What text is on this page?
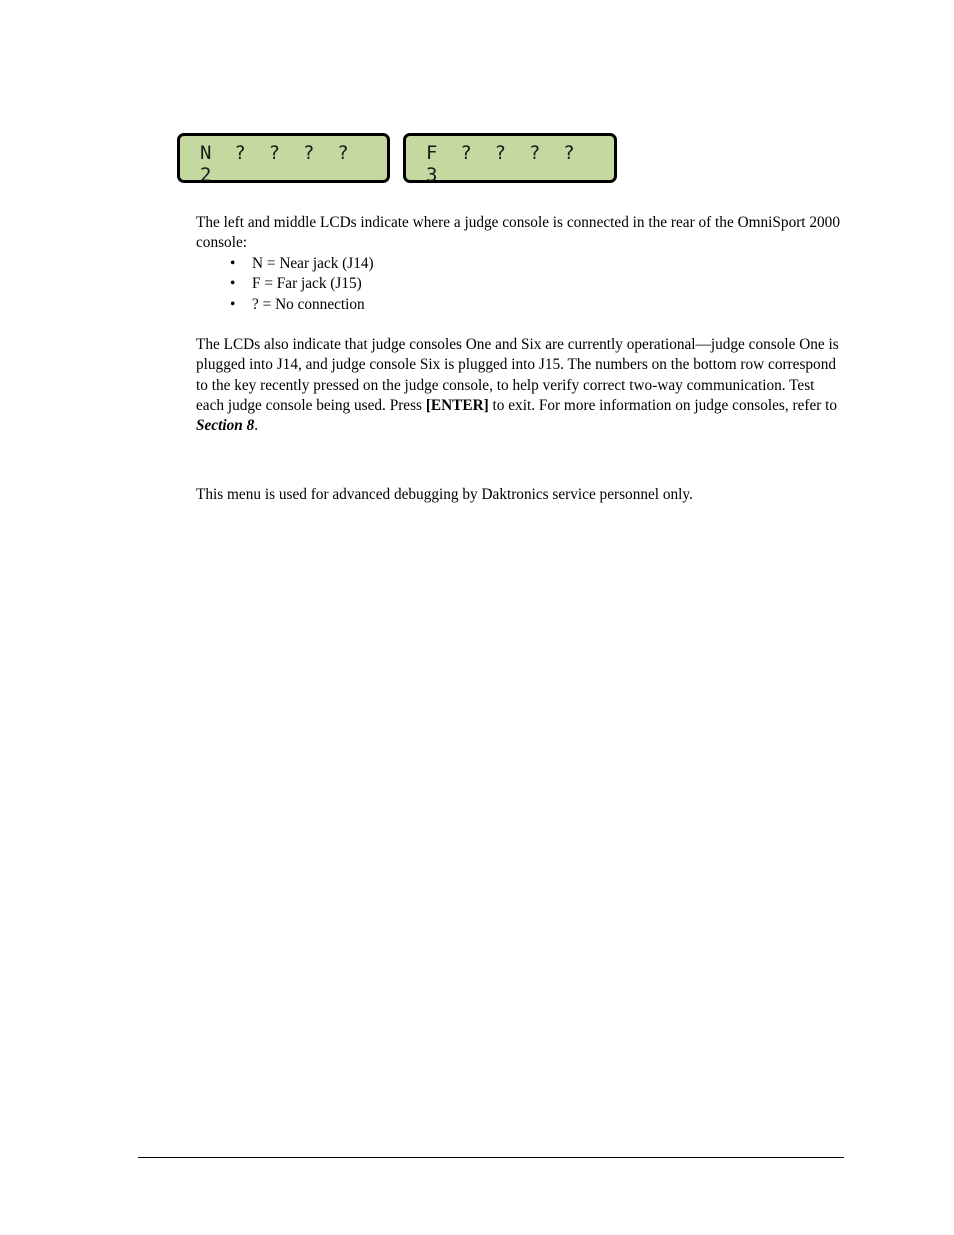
N  ?  ?  ?  ?
2
F  ?  ?  ?  ?
3
The left and middle LCDs indicate where a judge console is connected in the rear of the OmniSport 2000 console:
• N = Near jack (J14)
• F = Far jack (J15)
• ? = No connection
The LCDs also indicate that judge consoles One and Six are currently operational—judge console One is plugged into J14, and judge console Six is plugged into J15. The numbers on the bottom row correspond to the key recently pressed on the judge console, to help verify correct two-way communication. Test each judge console being used. Press [ENTER] to exit. For more information on judge consoles, refer to Section 8.
This menu is used for advanced debugging by Daktronics service personnel only.
